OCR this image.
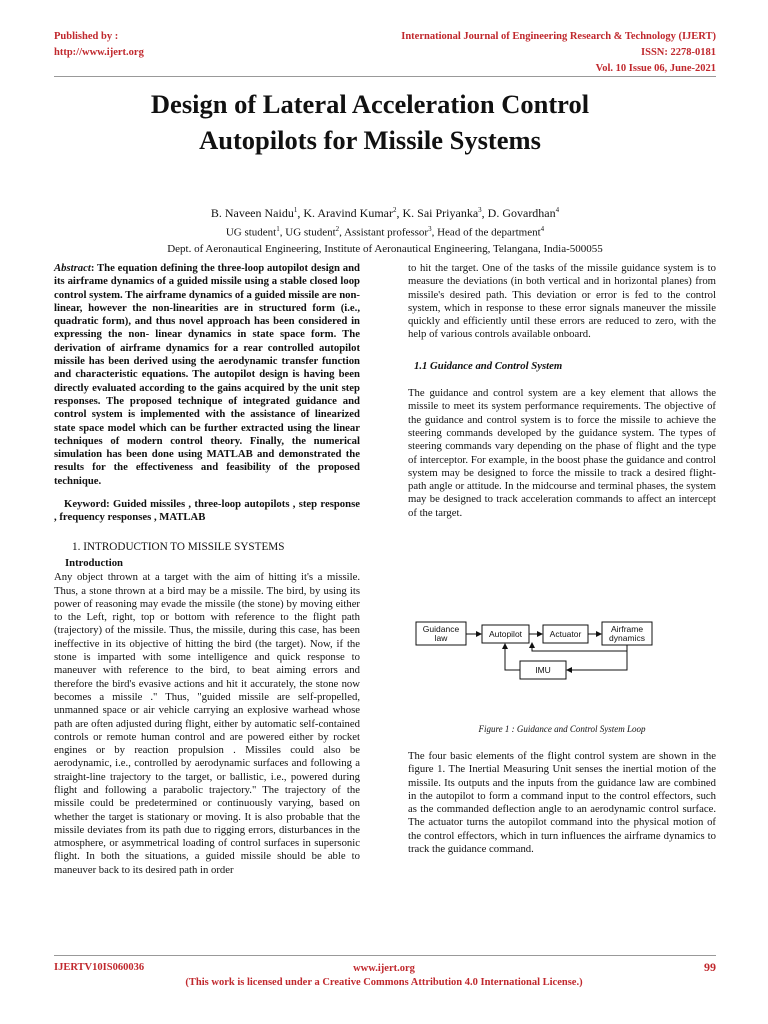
Published by :
http://www.ijert.org
International Journal of Engineering Research & Technology (IJERT)
ISSN: 2278-0181
Vol. 10 Issue 06, June-2021
Design of Lateral Acceleration Control Autopilots for Missile Systems
B. Naveen Naidu$^1$, K. Aravind Kumar$^2$, K. Sai Priyanka$^3$, D. Govardhan$^4$
UG student$^1$, UG student$^2$, Assistant professor$^3$, Head of the department$^4$
Dept. of Aeronautical Engineering, Institute of Aeronautical Engineering, Telangana, India-500055

Abstract: The equation defining the three-loop autopilot design and its airframe dynamics of a guided missile using a stable closed loop control system. The airframe dynamics of a guided missile are non-linear, however the non-linearities are in structured form (i.e., quadratic form), and thus novel approach has been considered in expressing the non- linear dynamics in state space form. The derivation of airframe dynamics for a rear controlled autopilot missile has been derived using the aerodynamic transfer function and characteristic equations. The autopilot design is having been directly evaluated according to the gains acquired by the unit step responses. The proposed technique of integrated guidance and control system is implemented with the assistance of linearized state space model which can be further extracted using the linear techniques of modern control theory. Finally, the numerical simulation has been done using MATLAB and demonstrated the results for the effectiveness and feasibility of the proposed technique.

Keyword: Guided missiles , three-loop autopilots , step response , frequency responses , MATLAB

1. INTRODUCTION TO MISSILE SYSTEMS

Introduction

Any object thrown at a target with the aim of hitting it's a missile. Thus, a stone thrown at a bird may be a missile. The bird, by using its power of reasoning may evade the missile (the stone) by moving either to the Left, right, top or bottom with reference to the flight path (trajectory) of the missile. Thus, the missile, during this case, has been ineffective in its objective of hitting the bird (the target). Now, if the stone is imparted with some intelligence and quick response to maneuver with reference to the bird, to beat aiming errors and therefore the bird's evasive actions and hit it accurately, the stone now becomes a missile ." Thus, "guided missile are self-propelled, unmanned space or air vehicle carrying an explosive warhead whose path are often adjusted during flight, either by automatic self-contained controls or remote human control and are powered either by rocket engines or by reaction propulsion . Missiles could also be aerodynamic, i.e., controlled by aerodynamic surfaces and following a straight-line trajectory to the target, or ballistic, i.e., powered during flight and following a parabolic trajectory." The trajectory of the missile could be predetermined or continuously varying, based on whether the target is stationary or moving. It is also probable that the missile deviates from its path due to rigging errors, disturbances in the atmosphere, or asymmetrical loading of control surfaces in supersonic flight. In both the situations, a guided missile should be able to maneuver back to its desired path in order

to hit the target. One of the tasks of the missile guidance system is to measure the deviations (in both vertical and in horizontal planes) from missile's desired path. This deviation or error is fed to the control system, which in response to these error signals maneuver the missile quickly and efficiently until these errors are reduced to zero, with the help of various controls available onboard.

1.1 Guidance and Control System

The guidance and control system are a key element that allows the missile to meet its system performance requirements. The objective of the guidance and control system is to force the missile to achieve the steering commands developed by the guidance system. The types of steering commands vary depending on the phase of flight and the type of interceptor. For example, in the boost phase the guidance and control system may be designed to force the missile to track a desired flight-path angle or attitude. In the midcourse and terminal phases, the system may be designed to track acceleration commands to affect an intercept of the target.

Guidance
law	Autopilot	Actuator	Airframe
dynamics
IMU
Figure 1 : Guidance and Control System Loop

The four basic elements of the flight control system are shown in the figure 1. The Inertial Measuring Unit senses the inertial motion of the missile. Its outputs and the inputs from the guidance law are combined in the autopilot to form a command input to the control effectors, such as the commanded deflection angle to an aerodynamic control surface. The actuator turns the autopilot command into the physical motion of the control effectors, which in turn influences the airframe dynamics to track the guidance command.

IJERTV10IS060036	www.ijert.org
(This work is licensed under a Creative Commons Attribution 4.0 International License.)
99
